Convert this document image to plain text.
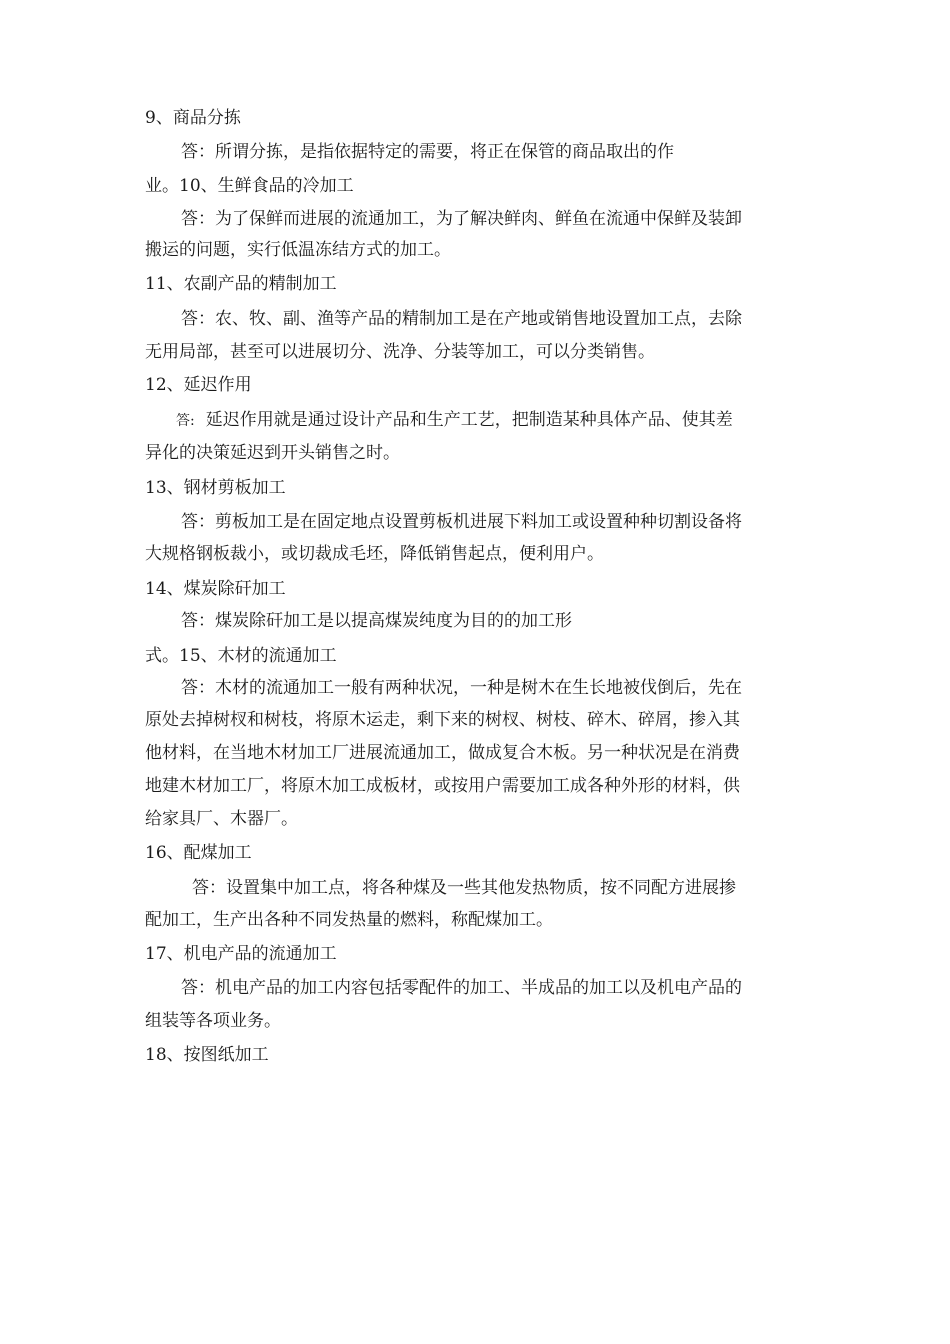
9、商品分拣
答：所谓分拣，是指依据特定的需要，将正在保管的商品取出的作
业。10、生鲜食品的冷加工
答：为了保鲜而进展的流通加工，为了解决鲜肉、鲜鱼在流通中保鲜及装卸
搬运的问题，实行低温冻结方式的加工。
11、农副产品的精制加工
答：农、牧、副、渔等产品的精制加工是在产地或销售地设置加工点，去除
无用局部，甚至可以进展切分、洗净、分装等加工，可以分类销售。
12、延迟作用
答: 延迟作用就是通过设计产品和生产工艺，把制造某种具体产品、使其差
异化的决策延迟到开头销售之时。
13、钢材剪板加工
答：剪板加工是在固定地点设置剪板机进展下料加工或设置种种切割设备将
大规格钢板裁小，或切裁成毛坯，降低销售起点，便利用户。
14、煤炭除矸加工
答：煤炭除矸加工是以提高煤炭纯度为目的的加工形
式。15、木材的流通加工
答：木材的流通加工一般有两种状况，一种是树木在生长地被伐倒后，先在
原处去掉树杈和树枝，将原木运走，剩下来的树杈、树枝、碎木、碎屑，掺入其
他材料，在当地木材加工厂进展流通加工，做成复合木板。另一种状况是在消费
地建木材加工厂，将原木加工成板材，或按用户需要加工成各种外形的材料，供
给家具厂、木器厂。
16、配煤加工
答：设置集中加工点，将各种煤及一些其他发热物质，按不同配方进展掺
配加工，生产出各种不同发热量的燃料，称配煤加工。
17、机电产品的流通加工
答：机电产品的加工内容包括零配件的加工、半成品的加工以及机电产品的
组装等各项业务。
18、按图纸加工
